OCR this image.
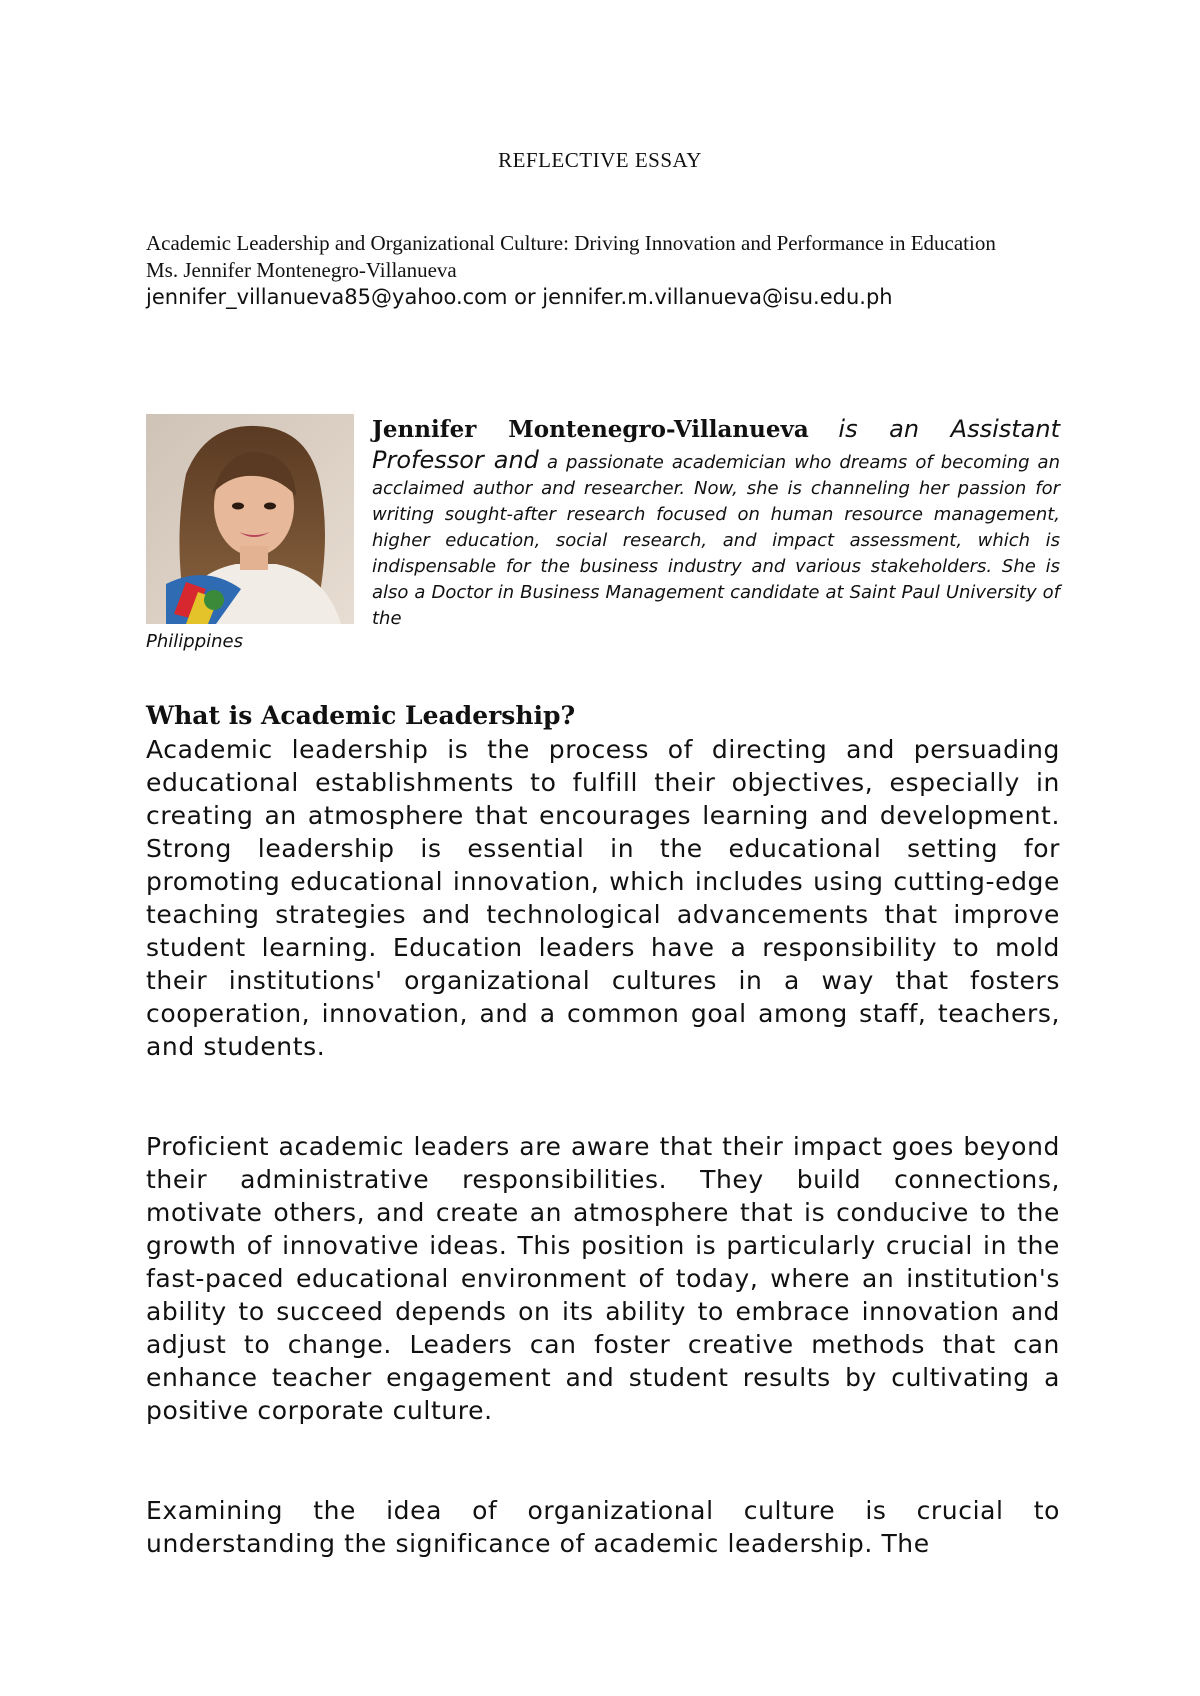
REFLECTIVE ESSAY
Academic Leadership and Organizational Culture: Driving Innovation and Performance in Education
Ms. Jennifer Montenegro-Villanueva
jennifer_villanueva85@yahoo.com or jennifer.m.villanueva@isu.edu.ph
Jennifer Montenegro-Villanueva is an Assistant Professor and a passionate academician who dreams of becoming an acclaimed author and researcher. Now, she is channeling her passion for writing sought-after research focused on human resource management, higher education, social research, and impact assessment, which is indispensable for the business industry and various stakeholders. She is also a Doctor in Business Management candidate at Saint Paul University of the
Philippines
What is Academic Leadership?

Academic leadership is the process of directing and persuading educational establishments to fulfill their objectives, especially in creating an atmosphere that encourages learning and development. Strong leadership is essential in the educational setting for promoting educational innovation, which includes using cutting-edge teaching strategies and technological advancements that improve student learning. Education leaders have a responsibility to mold their institutions' organizational cultures in a way that fosters cooperation, innovation, and a common goal among staff, teachers, and students.

Proficient academic leaders are aware that their impact goes beyond their administrative responsibilities. They build connections, motivate others, and create an atmosphere that is conducive to the growth of innovative ideas. This position is particularly crucial in the fast-paced educational environment of today, where an institution's ability to succeed depends on its ability to embrace innovation and adjust to change. Leaders can foster creative methods that can enhance teacher engagement and student results by cultivating a positive corporate culture.

Examining the idea of organizational culture is crucial to understanding the significance of academic leadership. The
